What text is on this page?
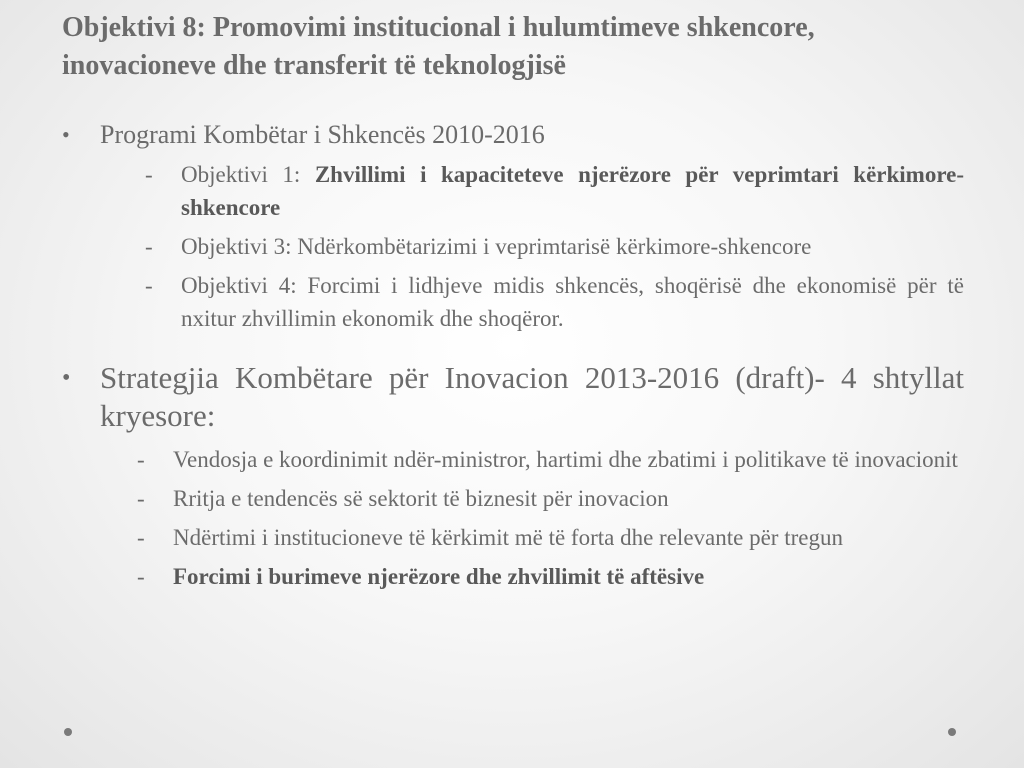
Objektivi 8: Promovimi institucional i hulumtimeve shkencore, inovacioneve dhe transferit të teknologjisë
• Programi Kombëtar i Shkencës 2010-2016
- Objektivi 1: Zhvillimi i kapaciteteve njerëzore për veprimtari kërkimore- shkencore
- Objektivi 3: Ndërkombëtarizimi i veprimtarisë kërkimore-shkencore
- Objektivi 4: Forcimi i lidhjeve midis shkencës, shoqërisë dhe ekonomisë për të nxitur zhvillimin ekonomik dhe shoqëror.
• Strategjia Kombëtare për Inovacion 2013-2016 (draft)- 4 shtyllat kryesore:
- Vendosja e koordinimit ndër-ministror, hartimi dhe zbatimi i politikave të inovacionit
- Rritja e tendencës së sektorit të biznesit për inovacion
- Ndërtimi i institucioneve të kërkimit më të forta dhe relevante për tregun
- Forcimi i burimeve njerëzore dhe zhvillimit të aftësive
